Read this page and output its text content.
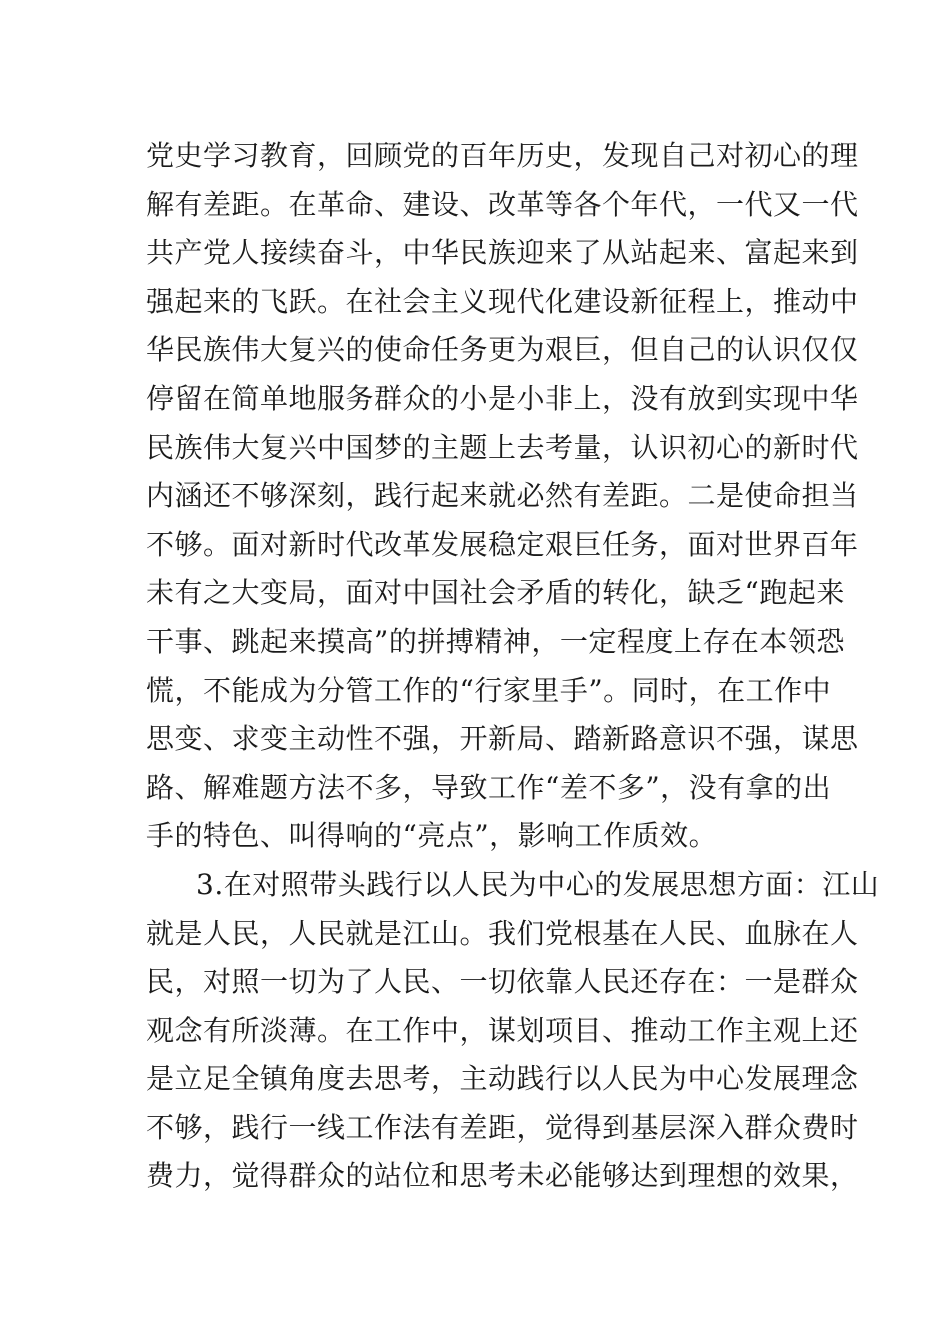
党史学习教育，回顾党的百年历史，发现自己对初心的理
解有差距。在革命、建设、改革等各个年代，一代又一代
共产党人接续奋斗，中华民族迎来了从站起来、富起来到
强起来的飞跃。在社会主义现代化建设新征程上，推动中
华民族伟大复兴的使命任务更为艰巨，但自己的认识仅仅
停留在简单地服务群众的小是小非上，没有放到实现中华
民族伟大复兴中国梦的主题上去考量，认识初心的新时代
内涵还不够深刻，践行起来就必然有差距。二是使命担当
不够。面对新时代改革发展稳定艰巨任务，面对世界百年
未有之大变局，面对中国社会矛盾的转化，缺乏“跑起来
干事、跳起来摸高”的拼搏精神，一定程度上存在本领恐
慌，不能成为分管工作的“行家里手”。同时，在工作中
思变、求变主动性不强，开新局、踏新路意识不强，谋思
路、解难题方法不多，导致工作“差不多”，没有拿的出
手的特色、叫得响的“亮点”，影响工作质效。
3.在对照带头践行以人民为中心的发展思想方面：江山
就是人民，人民就是江山。我们党根基在人民、血脉在人
民，对照一切为了人民、一切依靠人民还存在：一是群众
观念有所淡薄。在工作中，谋划项目、推动工作主观上还
是立足全镇角度去思考，主动践行以人民为中心发展理念
不够，践行一线工作法有差距，觉得到基层深入群众费时
费力，觉得群众的站位和思考未必能够达到理想的效果，
